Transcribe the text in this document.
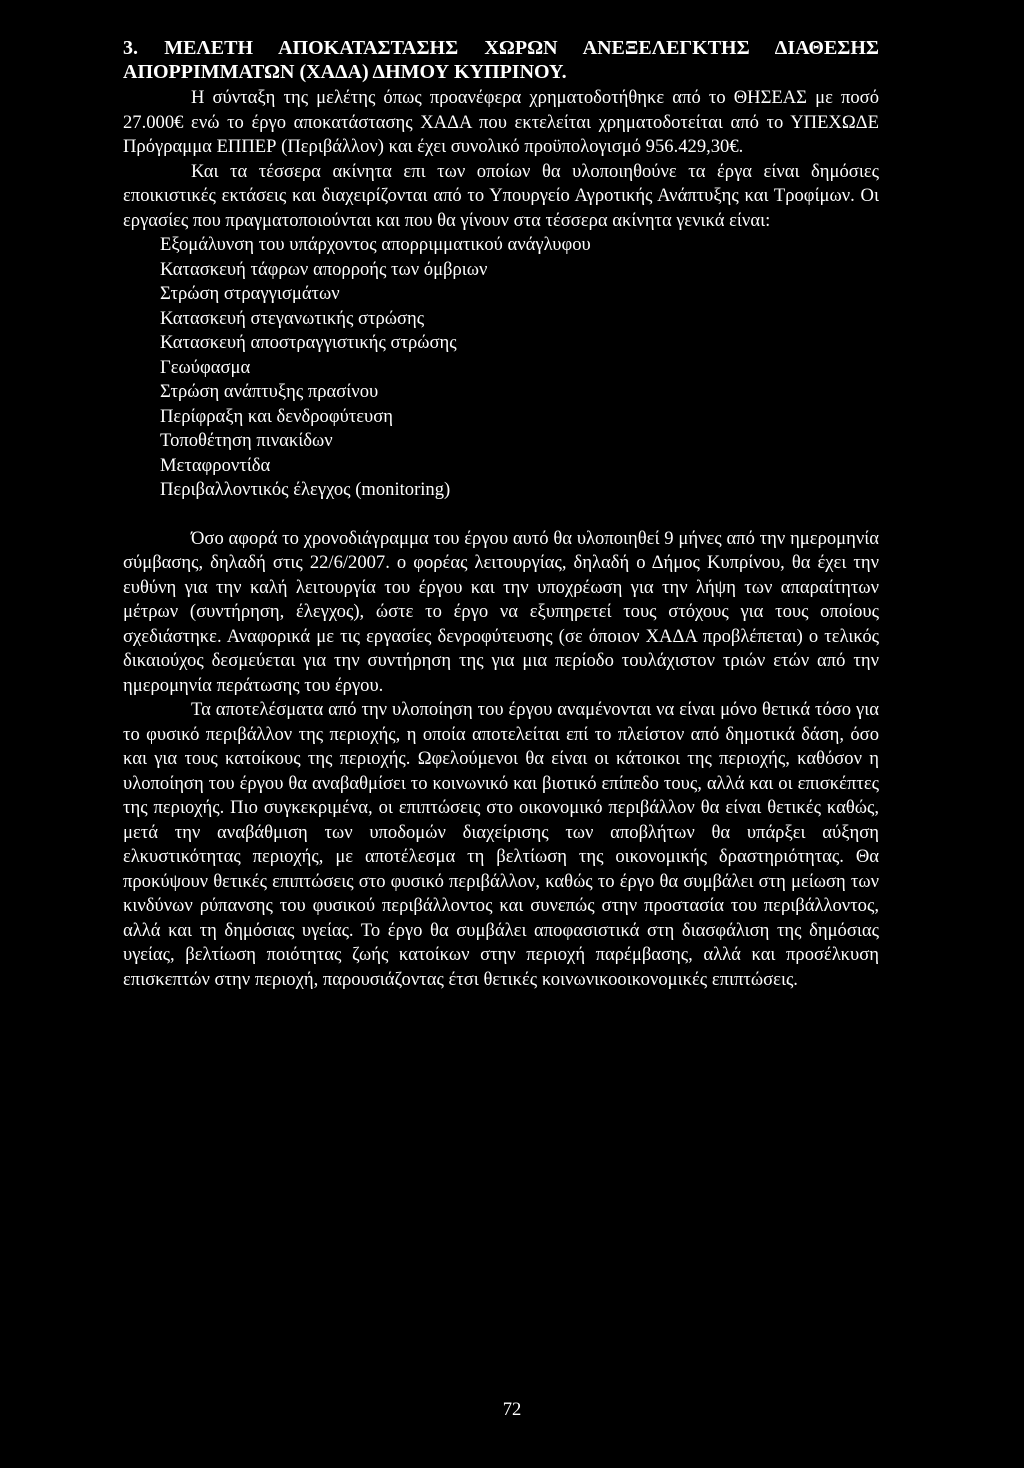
3. ΜΕΛΕΤΗ ΑΠΟΚΑΤΑΣΤΑΣΗΣ ΧΩΡΩΝ ΑΝΕΞΕΛΕΓΚΤΗΣ ΔΙΑΘΕΣΗΣ ΑΠΟΡΡΙΜΜΑΤΩΝ (ΧΑΔΑ) ΔΗΜΟΥ ΚΥΠΡΙΝΟΥ.

Η σύνταξη της μελέτης όπως προανέφερα χρηματοδοτήθηκε από το ΘΗΣΕΑΣ με ποσό 27.000€ ενώ το έργο αποκατάστασης ΧΑΔΑ που εκτελείται χρηματοδοτείται από το ΥΠΕΧΩΔΕ Πρόγραμμα ΕΠΠΕΡ (Περιβάλλον) και έχει συνολικό προϋπολογισμό 956.429,30€.

Και τα τέσσερα ακίνητα επι των οποίων θα υλοποιηθούνε τα έργα είναι δημόσιες εποικιστικές εκτάσεις και διαχειρίζονται από το Υπουργείο Αγροτικής Ανάπτυξης και Τροφίμων. Οι εργασίες που πραγματοποιούνται και που θα γίνουν στα τέσσερα ακίνητα γενικά είναι:

Εξομάλυνση του υπάρχοντος απορριμματικού ανάγλυφου
Κατασκευή τάφρων απορροής των όμβριων
Στρώση στραγγισμάτων
Κατασκευή στεγανωτικής στρώσης
Κατασκευή αποστραγγιστικής στρώσης
Γεωύφασμα
Στρώση ανάπτυξης πρασίνου
Περίφραξη και δενδροφύτευση
Τοποθέτηση πινακίδων
Μεταφροντίδα
Περιβαλλοντικός έλεγχος (monitoring)

Όσο αφορά το χρονοδιάγραμμα του έργου αυτό θα υλοποιηθεί 9 μήνες από την ημερομηνία σύμβασης, δηλαδή στις 22/6/2007. ο φορέας λειτουργίας, δηλαδή ο Δήμος Κυπρίνου, θα έχει την ευθύνη για την καλή λειτουργία του έργου και την υποχρέωση για την λήψη των απαραίτητων μέτρων (συντήρηση, έλεγχος), ώστε το έργο να εξυπηρετεί τους στόχους για τους οποίους σχεδιάστηκε. Αναφορικά με τις εργασίες δενροφύτευσης (σε όποιον ΧΑΔΑ προβλέπεται) ο τελικός δικαιούχος δεσμεύεται για την συντήρηση της για μια περίοδο τουλάχιστον τριών ετών από την ημερομηνία περάτωσης του έργου.

Τα αποτελέσματα από την υλοποίηση του έργου αναμένονται να είναι μόνο θετικά τόσο για το φυσικό περιβάλλον της περιοχής, η οποία αποτελείται επί το πλείστον από δημοτικά δάση, όσο και για τους κατοίκους της περιοχής. Ωφελούμενοι θα είναι οι κάτοικοι της περιοχής, καθόσον η υλοποίηση του έργου θα αναβαθμίσει το κοινωνικό και βιοτικό επίπεδο τους, αλλά και οι επισκέπτες της περιοχής. Πιο συγκεκριμένα, οι επιπτώσεις στο οικονομικό περιβάλλον θα είναι θετικές καθώς, μετά την αναβάθμιση των υποδομών διαχείρισης των αποβλήτων θα υπάρξει αύξηση ελκυστικότητας περιοχής, με αποτέλεσμα τη βελτίωση της οικονομικής δραστηριότητας. Θα προκύψουν θετικές επιπτώσεις στο φυσικό περιβάλλον, καθώς το έργο θα συμβάλει στη μείωση των κινδύνων ρύπανσης του φυσικού περιβάλλοντος και συνεπώς στην προστασία του περιβάλλοντος, αλλά και τη δημόσιας υγείας. Το έργο θα συμβάλει αποφασιστικά στη διασφάλιση της δημόσιας υγείας, βελτίωση ποιότητας ζωής κατοίκων στην περιοχή παρέμβασης, αλλά και προσέλκυση επισκεπτών στην περιοχή, παρουσιάζοντας έτσι θετικές κοινωνικοοικονομικές επιπτώσεις.

72
